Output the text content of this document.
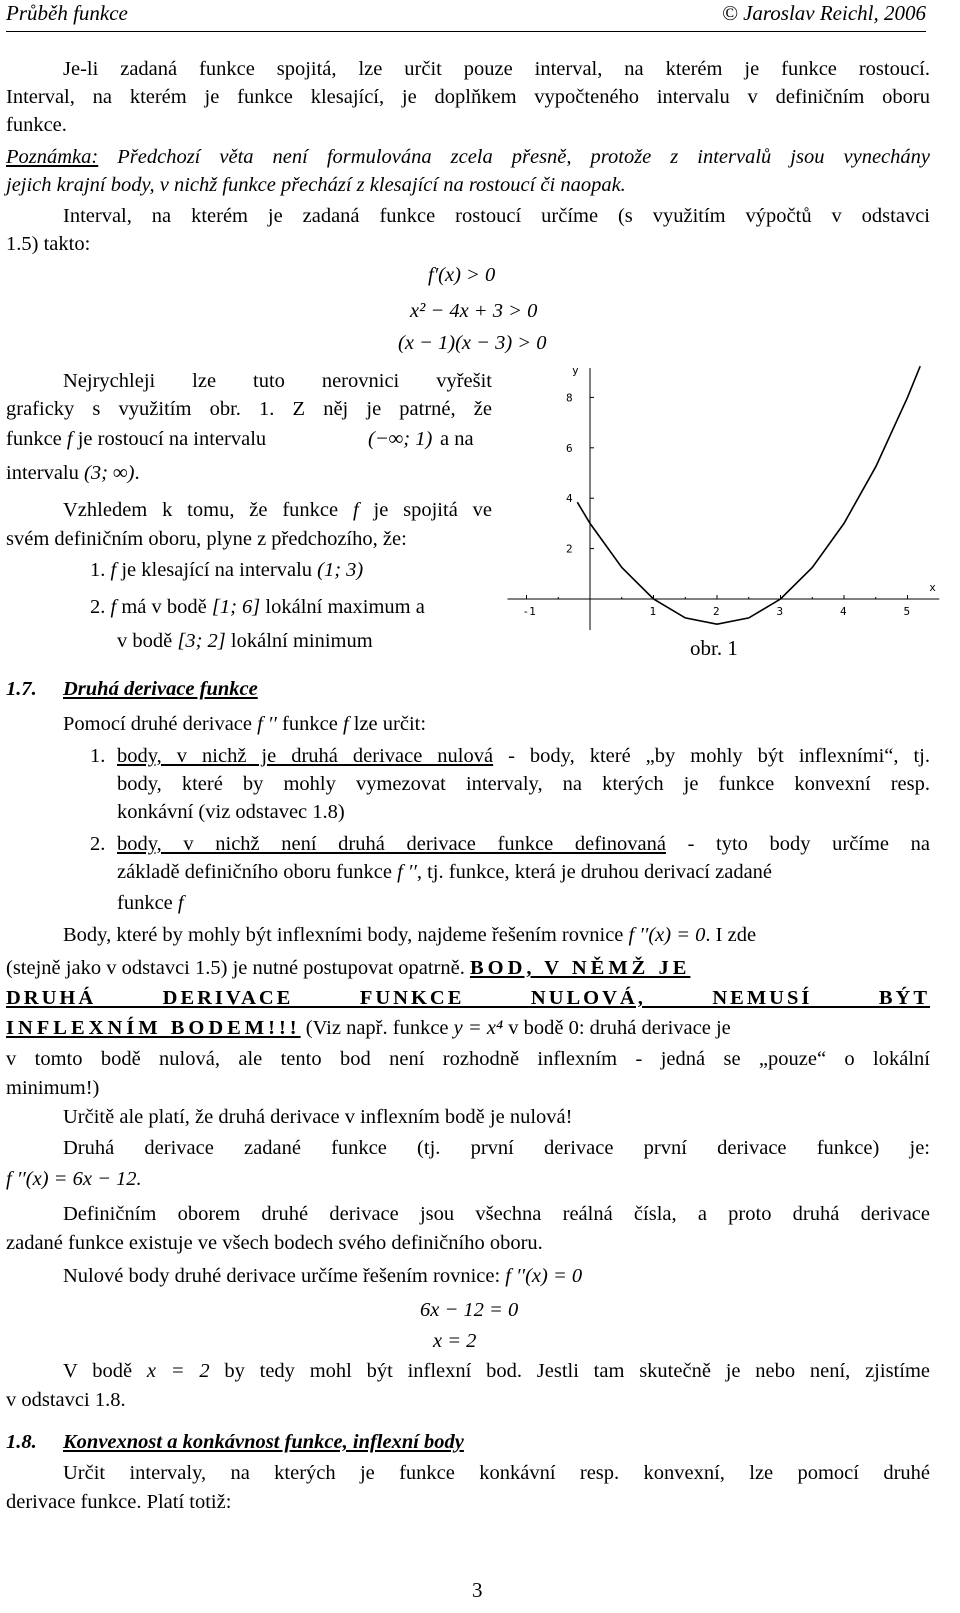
Průběh funkce	© Jaroslav Reichl, 2006
Je-li zadaná funkce spojitá, lze určit pouze interval, na kterém je funkce rostoucí.
Interval, na kterém je funkce klesající, je doplňkem vypočteného intervalu v definičním oboru
funkce.
Poznámka: Předchozí věta není formulována zcela přesně, protože z intervalů jsou vynechány
jejich krajní body, v nichž funkce přechází z klesající na rostoucí či naopak.
Interval, na kterém je zadaná funkce rostoucí určíme (s využitím výpočtů v odstavci
1.5) takto:
f′(x) > 0
x² − 4x + 3 > 0
(x − 1)(x − 3) > 0
Nejrychleji lze tuto nerovnici vyřešit
graficky s využitím obr. 1. Z něj je patrné, že
funkce f je rostoucí na intervalu	(−∞; 1) a na
intervalu (3; ∞).
Vzhledem k tomu, že funkce f je spojitá ve
svém definičním oboru, plyne z předchozího, že:
1. f je klesající na intervalu (1; 3)
2. f má v bodě [1; 6] lokální maximum a
v bodě [3; 2] lokální minimum
x
y
-1	1	2	3	4	5
2
4
6
8
obr. 1
1.7. Druhá derivace funkce
Pomocí druhé derivace f ′′ funkce f lze určit:
1. body, v nichž je druhá derivace nulová - body, které „by mohly být inflexními“, tj.
body, které by mohly vymezovat intervaly, na kterých je funkce konvexní resp.
konkávní (viz odstavec 1.8)
2. body, v nichž není druhá derivace funkce definovaná - tyto body určíme na
základě definičního oboru funkce f ′′, tj. funkce, která je druhou derivací zadané
funkce f
Body, které by mohly být inflexními body, najdeme řešením rovnice f ′′(x) = 0. I zde
(stejně jako v odstavci 1.5) je nutné postupovat opatrně. BOD, V NĚMŽ JE
DRUHÁ DERIVACE FUNKCE NULOVÁ, NEMUSÍ BÝT
INFLEXNÍM BODEM!!! (Viz např. funkce y = x⁴ v bodě 0: druhá derivace je
v tomto bodě nulová, ale tento bod není rozhodně inflexním - jedná se „pouze“ o lokální
minimum!)
Určitě ale platí, že druhá derivace v inflexním bodě je nulová!
Druhá derivace zadané funkce (tj. první derivace první derivace funkce) je:
f ′′(x) = 6x − 12.
Definičním oborem druhé derivace jsou všechna reálná čísla, a proto druhá derivace
zadané funkce existuje ve všech bodech svého definičního oboru.
Nulové body druhé derivace určíme řešením rovnice: f ′′(x) = 0
6x − 12 = 0
x = 2
V bodě x = 2 by tedy mohl být inflexní bod. Jestli tam skutečně je nebo není, zjistíme
v odstavci 1.8.
1.8. Konvexnost a konkávnost funkce, inflexní body
Určit intervaly, na kterých je funkce konkávní resp. konvexní, lze pomocí druhé
derivace funkce. Platí totiž:
3
